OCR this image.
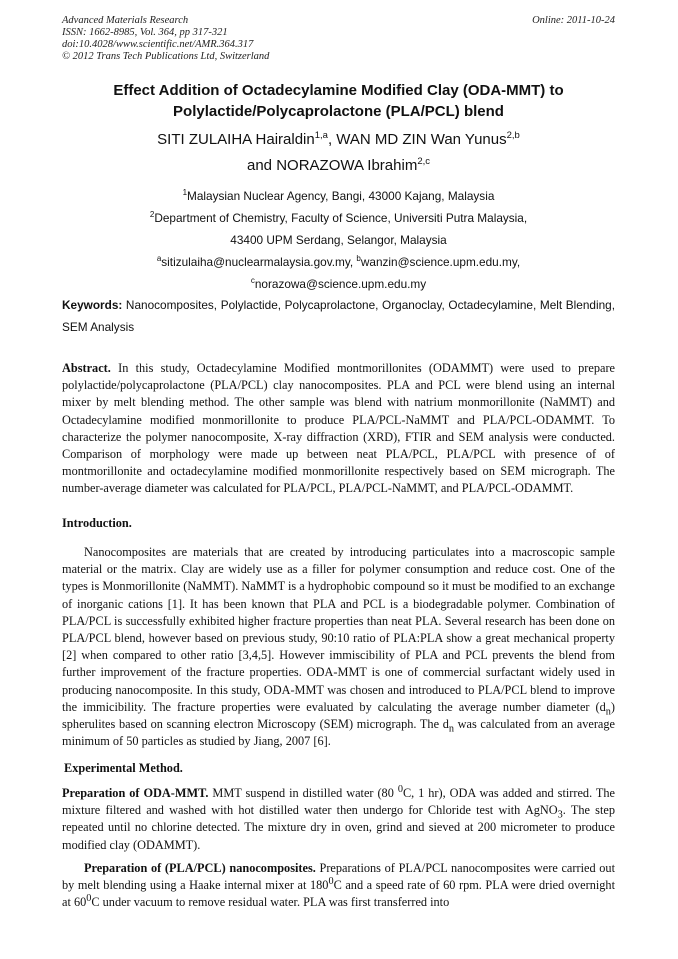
Advanced Materials Research
ISSN: 1662-8985, Vol. 364, pp 317-321
doi:10.4028/www.scientific.net/AMR.364.317
© 2012 Trans Tech Publications Ltd, Switzerland
Online: 2011-10-24
Effect Addition of Octadecylamine Modified Clay (ODA-MMT) to
Polylactide/Polycaprolactone (PLA/PCL) blend
SITI ZULAIHA Hairaldin$^{1,a}$, WAN MD ZIN Wan Yunus$^{2,b}$
and NORAZOWA Ibrahim$^{2,c}$
$^1$Malaysian Nuclear Agency, Bangi, 43000 Kajang, Malaysia
$^2$Department of Chemistry, Faculty of Science, Universiti Putra Malaysia,
43400 UPM Serdang, Selangor, Malaysia
$^a$sitizulaiha@nuclearmalaysia.gov.my, $^b$wanzin@science.upm.edu.my,
$^c$norazowa@science.upm.edu.my
Keywords: Nanocomposites, Polylactide, Polycaprolactone, Organoclay, Octadecylamine, Melt Blending, SEM Analysis
Abstract. In this study, Octadecylamine Modified montmorillonites (ODAMMT) were used to prepare polylactide/polycaprolactone (PLA/PCL) clay nanocomposites. PLA and PCL were blend using an internal mixer by melt blending method. The other sample was blend with natrium monmorillonite (NaMMT) and Octadecylamine modified monmorillonite to produce PLA/PCL-NaMMT and PLA/PCL-ODAMMT. To characterize the polymer nanocomposite, X-ray diffraction (XRD), FTIR and SEM analysis were conducted. Comparison of morphology were made up between neat PLA/PCL, PLA/PCL with presence of of montmorillonite and octadecylamine modified monmorillonite respectively based on SEM micrograph. The number-average diameter was calculated for PLA/PCL, PLA/PCL-NaMMT, and PLA/PCL-ODAMMT.
Introduction.
Nanocomposites are materials that are created by introducing particulates into a macroscopic sample material or the matrix. Clay are widely use as a filler for polymer consumption and reduce cost. One of the types is Monmorillonite (NaMMT). NaMMT is a hydrophobic compound so it must be modified to an exchange of inorganic cations [1]. It has been known that PLA and PCL is a biodegradable polymer. Combination of PLA/PCL is successfully exhibited higher fracture properties than neat PLA. Several research has been done on PLA/PCL blend, however based on previous study, 90:10 ratio of PLA:PLA show a great mechanical property [2] when compared to other ratio [3,4,5]. However immiscibility of PLA and PCL prevents the blend from further improvement of the fracture properties. ODA-MMT is one of commercial surfactant widely used in producing nanocomposite. In this study, ODA-MMT was chosen and introduced to PLA/PCL blend to improve the immicibility. The fracture properties were evaluated by calculating the average number diameter $(d_n)$ spherulites based on scanning electron Microscopy (SEM) micrograph. The $d_n$ was calculated from an average minimum of 50 particles as studied by Jiang, 2007 [6].
Experimental Method.
Preparation of ODA-MMT. MMT suspend in distilled water (80 $^0$C, 1 hr), ODA was added and stirred. The mixture filtered and washed with hot distilled water then undergo for Chloride test with AgNO$_3$. The step repeated until no chlorine detected. The mixture dry in oven, grind and sieved at 200 micrometer to produce modified clay (ODAMMT).
Preparation of (PLA/PCL) nanocomposites. Preparations of PLA/PCL nanocomposites were carried out by melt blending using a Haake internal mixer at $180^0C$ and a speed rate of 60 rpm. PLA were dried overnight at $60^0C$ under vacuum to remove residual water. PLA was first transferred into
